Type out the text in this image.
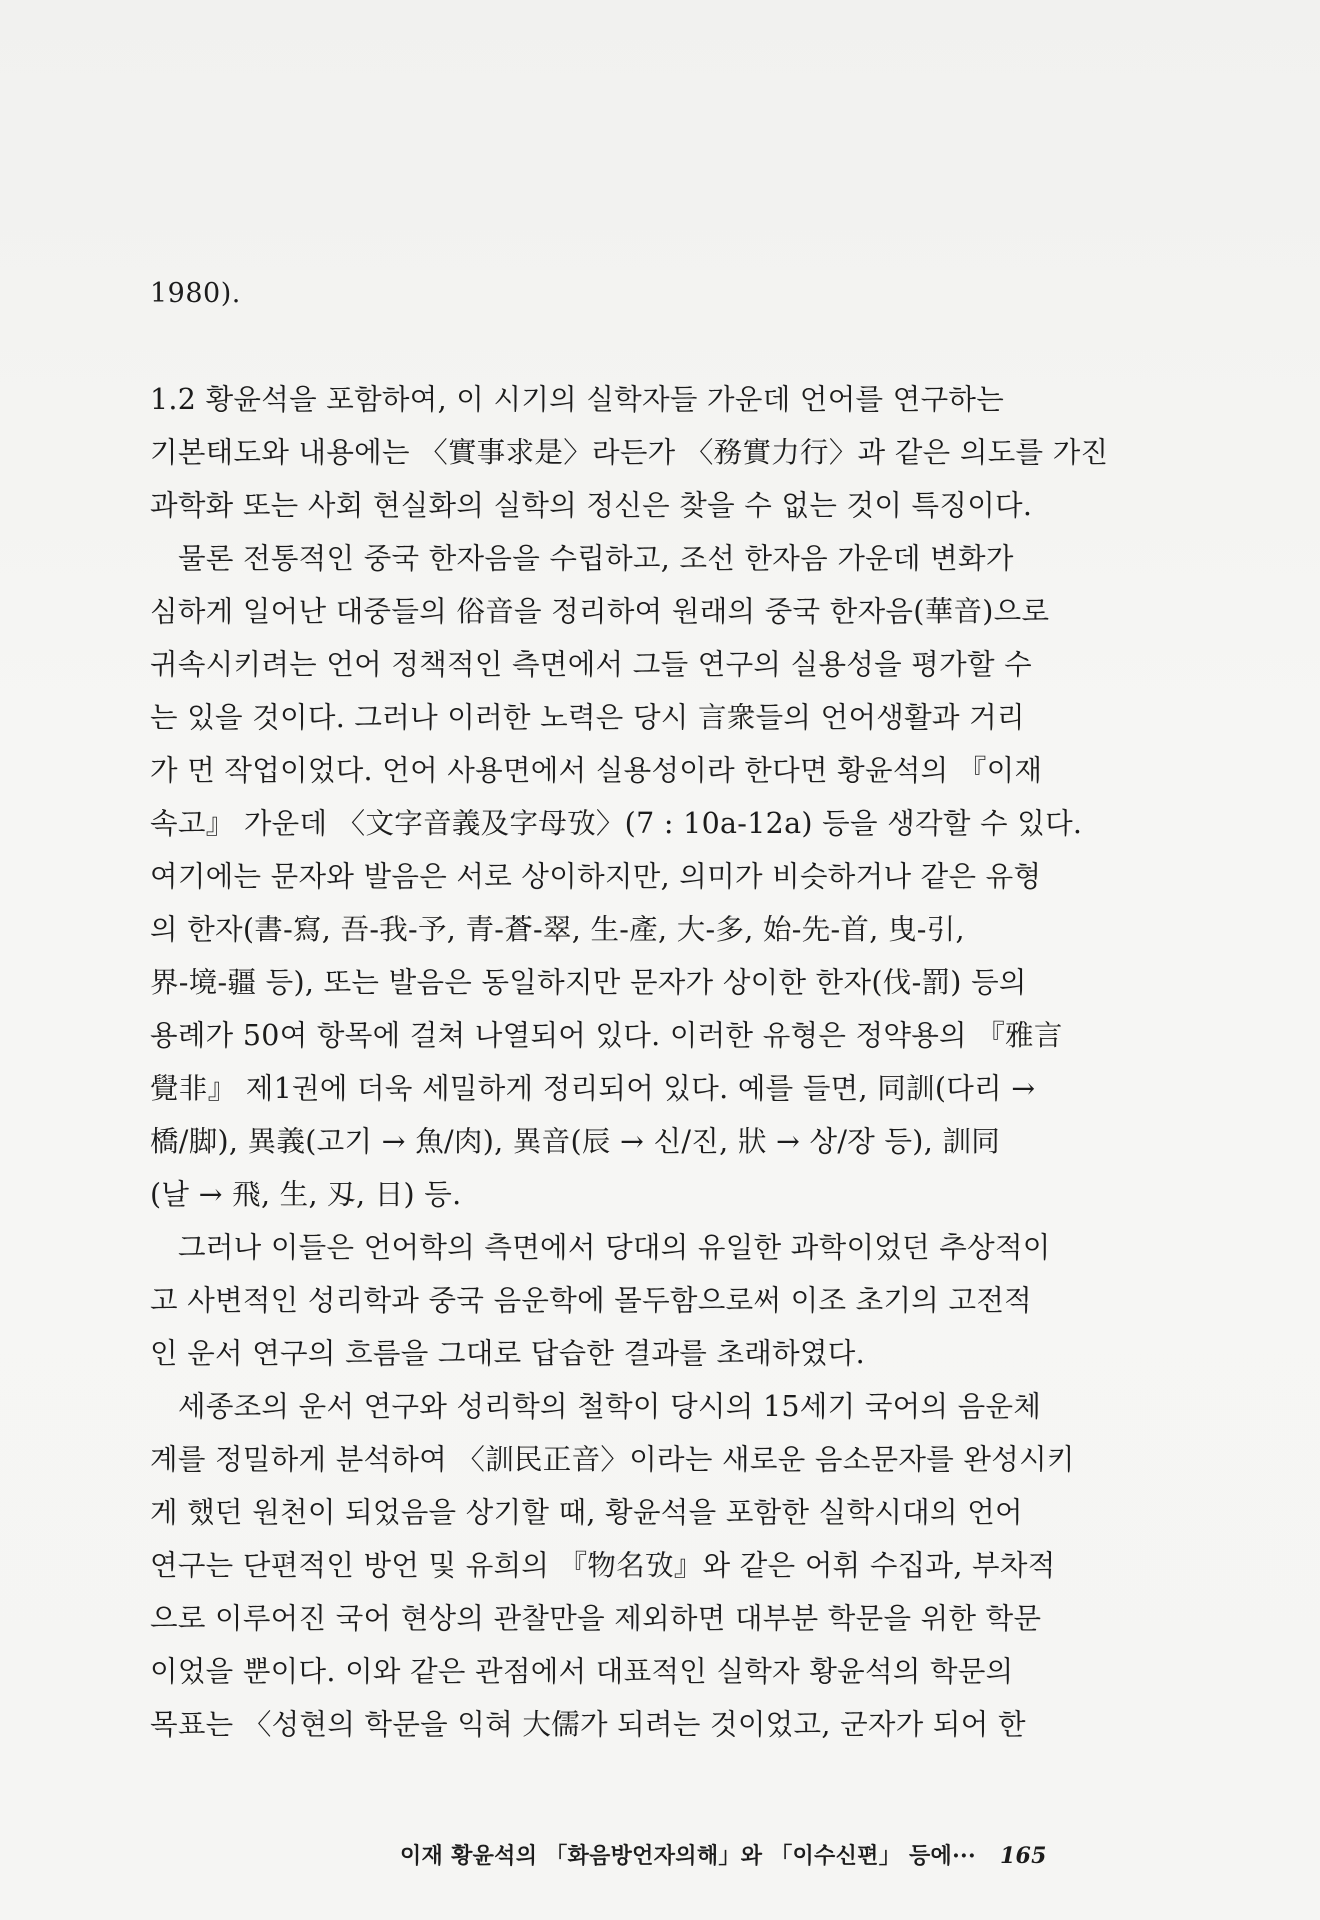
1980).
1.2 황윤석을 포함하여, 이 시기의 실학자들 가운데 언어를 연구하는
기본태도와 내용에는 〈實事求是〉라든가 〈務實力行〉과 같은 의도를 가진
과학화 또는 사회 현실화의 실학의 정신은 찾을 수 없는 것이 특징이다.
물론 전통적인 중국 한자음을 수립하고, 조선 한자음 가운데 변화가
심하게 일어난 대중들의 俗音을 정리하여 원래의 중국 한자음(華音)으로
귀속시키려는 언어 정책적인 측면에서 그들 연구의 실용성을 평가할 수
는 있을 것이다. 그러나 이러한 노력은 당시 言衆들의 언어생활과 거리
가 먼 작업이었다. 언어 사용면에서 실용성이라 한다면 황윤석의 『이재
속고』 가운데 〈文字音義及字母攷〉(7 : 10a-12a) 등을 생각할 수 있다.
여기에는 문자와 발음은 서로 상이하지만, 의미가 비슷하거나 같은 유형
의 한자(書-寫, 吾-我-予, 青-蒼-翠, 生-產, 大-多, 始-先-首, 曳-引,
界-境-疆 등), 또는 발음은 동일하지만 문자가 상이한 한자(伐-罰) 등의
용례가 50여 항목에 걸쳐 나열되어 있다. 이러한 유형은 정약용의 『雅言
覺非』 제1권에 더욱 세밀하게 정리되어 있다. 예를 들면, 同訓(다리 →
橋/脚), 異義(고기 → 魚/肉), 異音(辰 → 신/진, 狀 → 상/장 등), 訓同
(날 → 飛, 生, 刄, 日) 등.
그러나 이들은 언어학의 측면에서 당대의 유일한 과학이었던 추상적이
고 사변적인 성리학과 중국 음운학에 몰두함으로써 이조 초기의 고전적
인 운서 연구의 흐름을 그대로 답습한 결과를 초래하였다.
세종조의 운서 연구와 성리학의 철학이 당시의 15세기 국어의 음운체
계를 정밀하게 분석하여 〈訓民正音〉이라는 새로운 음소문자를 완성시키
게 했던 원천이 되었음을 상기할 때, 황윤석을 포함한 실학시대의 언어
연구는 단편적인 방언 및 유희의 『物名攷』와 같은 어휘 수집과, 부차적
으로 이루어진 국어 현상의 관찰만을 제외하면 대부분 학문을 위한 학문
이었을 뿐이다. 이와 같은 관점에서 대표적인 실학자 황윤석의 학문의
목표는 〈성현의 학문을 익혀 大儒가 되려는 것이었고, 군자가 되어 한
이재 황윤석의 「화음방언자의해」와 「이수신편」 등에··· 165
